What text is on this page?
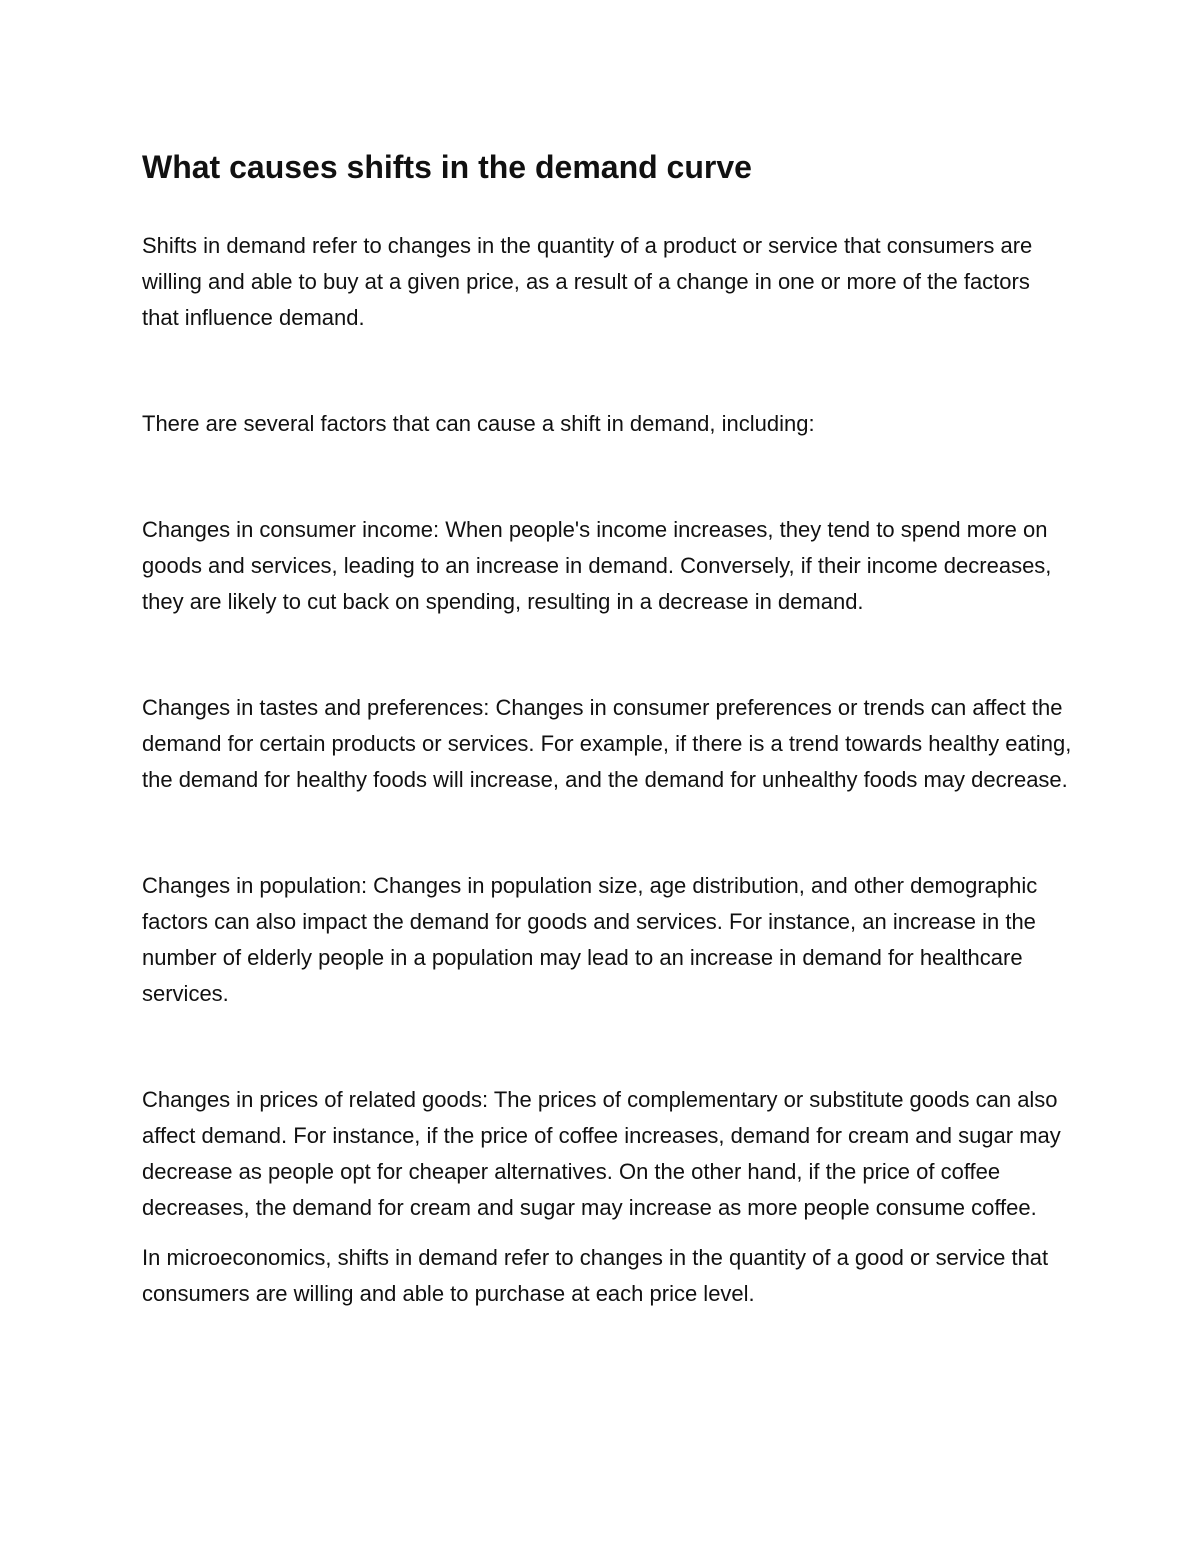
What causes shifts in the demand curve

Shifts in demand refer to changes in the quantity of a product or service that consumers are willing and able to buy at a given price, as a result of a change in one or more of the factors that influence demand.

There are several factors that can cause a shift in demand, including:

Changes in consumer income: When people's income increases, they tend to spend more on goods and services, leading to an increase in demand. Conversely, if their income decreases, they are likely to cut back on spending, resulting in a decrease in demand.

Changes in tastes and preferences: Changes in consumer preferences or trends can affect the demand for certain products or services. For example, if there is a trend towards healthy eating, the demand for healthy foods will increase, and the demand for unhealthy foods may decrease.

Changes in population: Changes in population size, age distribution, and other demographic factors can also impact the demand for goods and services. For instance, an increase in the number of elderly people in a population may lead to an increase in demand for healthcare services.

Changes in prices of related goods: The prices of complementary or substitute goods can also affect demand. For instance, if the price of coffee increases, demand for cream and sugar may decrease as people opt for cheaper alternatives. On the other hand, if the price of coffee decreases, the demand for cream and sugar may increase as more people consume coffee.

In microeconomics, shifts in demand refer to changes in the quantity of a good or service that consumers are willing and able to purchase at each price level.
